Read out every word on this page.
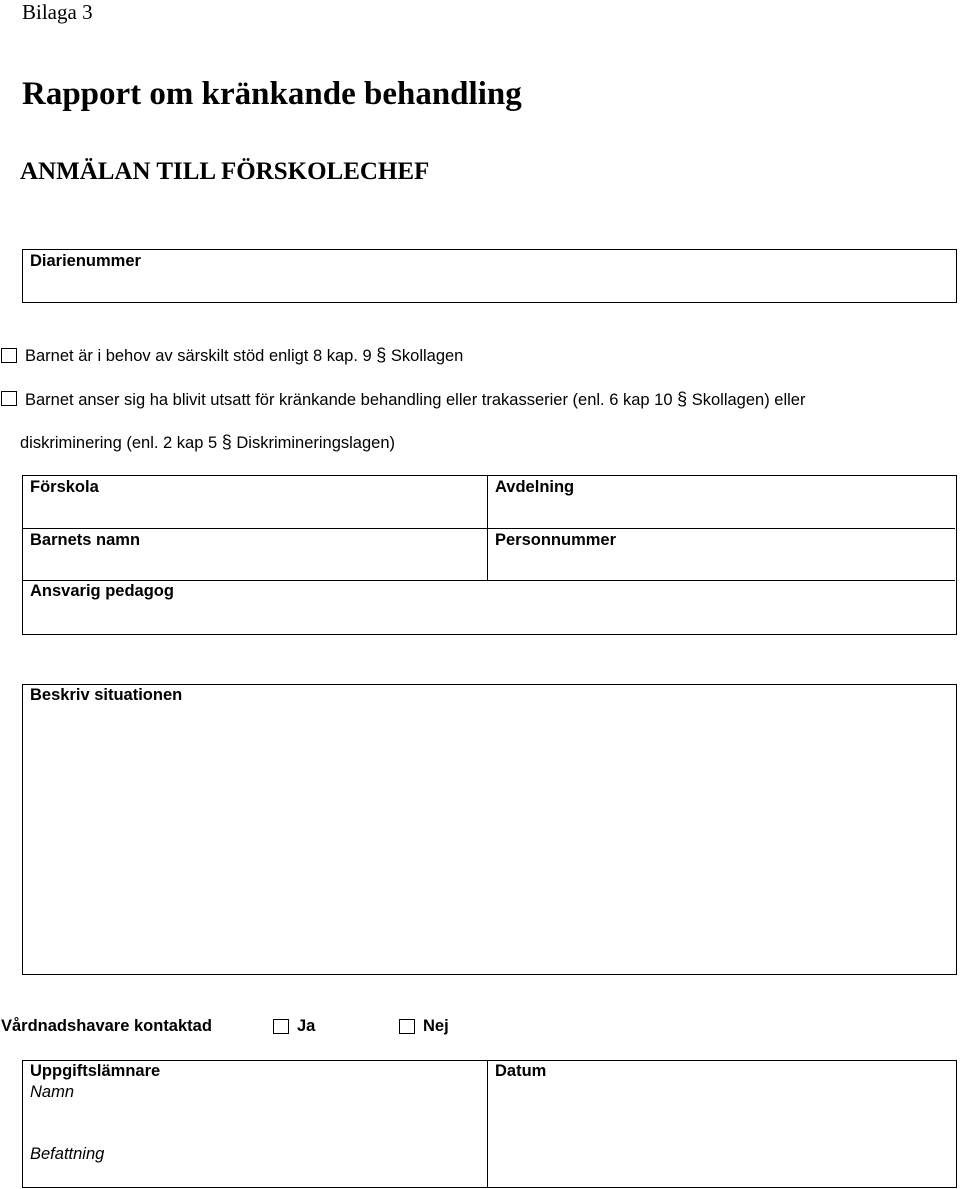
Bilaga 3
Rapport om kränkande behandling
ANMÄLAN TILL FÖRSKOLECHEF
Diarienummer
Barnet är i behov av särskilt stöd enligt 8 kap. 9 § Skollagen
Barnet anser sig ha blivit utsatt för kränkande behandling eller trakasserier (enl. 6 kap 10 § Skollagen) eller
diskriminering (enl. 2 kap 5 § Diskrimineringslagen)
Förskola	Avdelning
Barnets namn	Personnummer
Ansvarig pedagog
Beskriv situationen
Vårdnadshavare kontaktad	Ja	Nej
Uppgiftslämnare
Namn
Befattning
Datum
